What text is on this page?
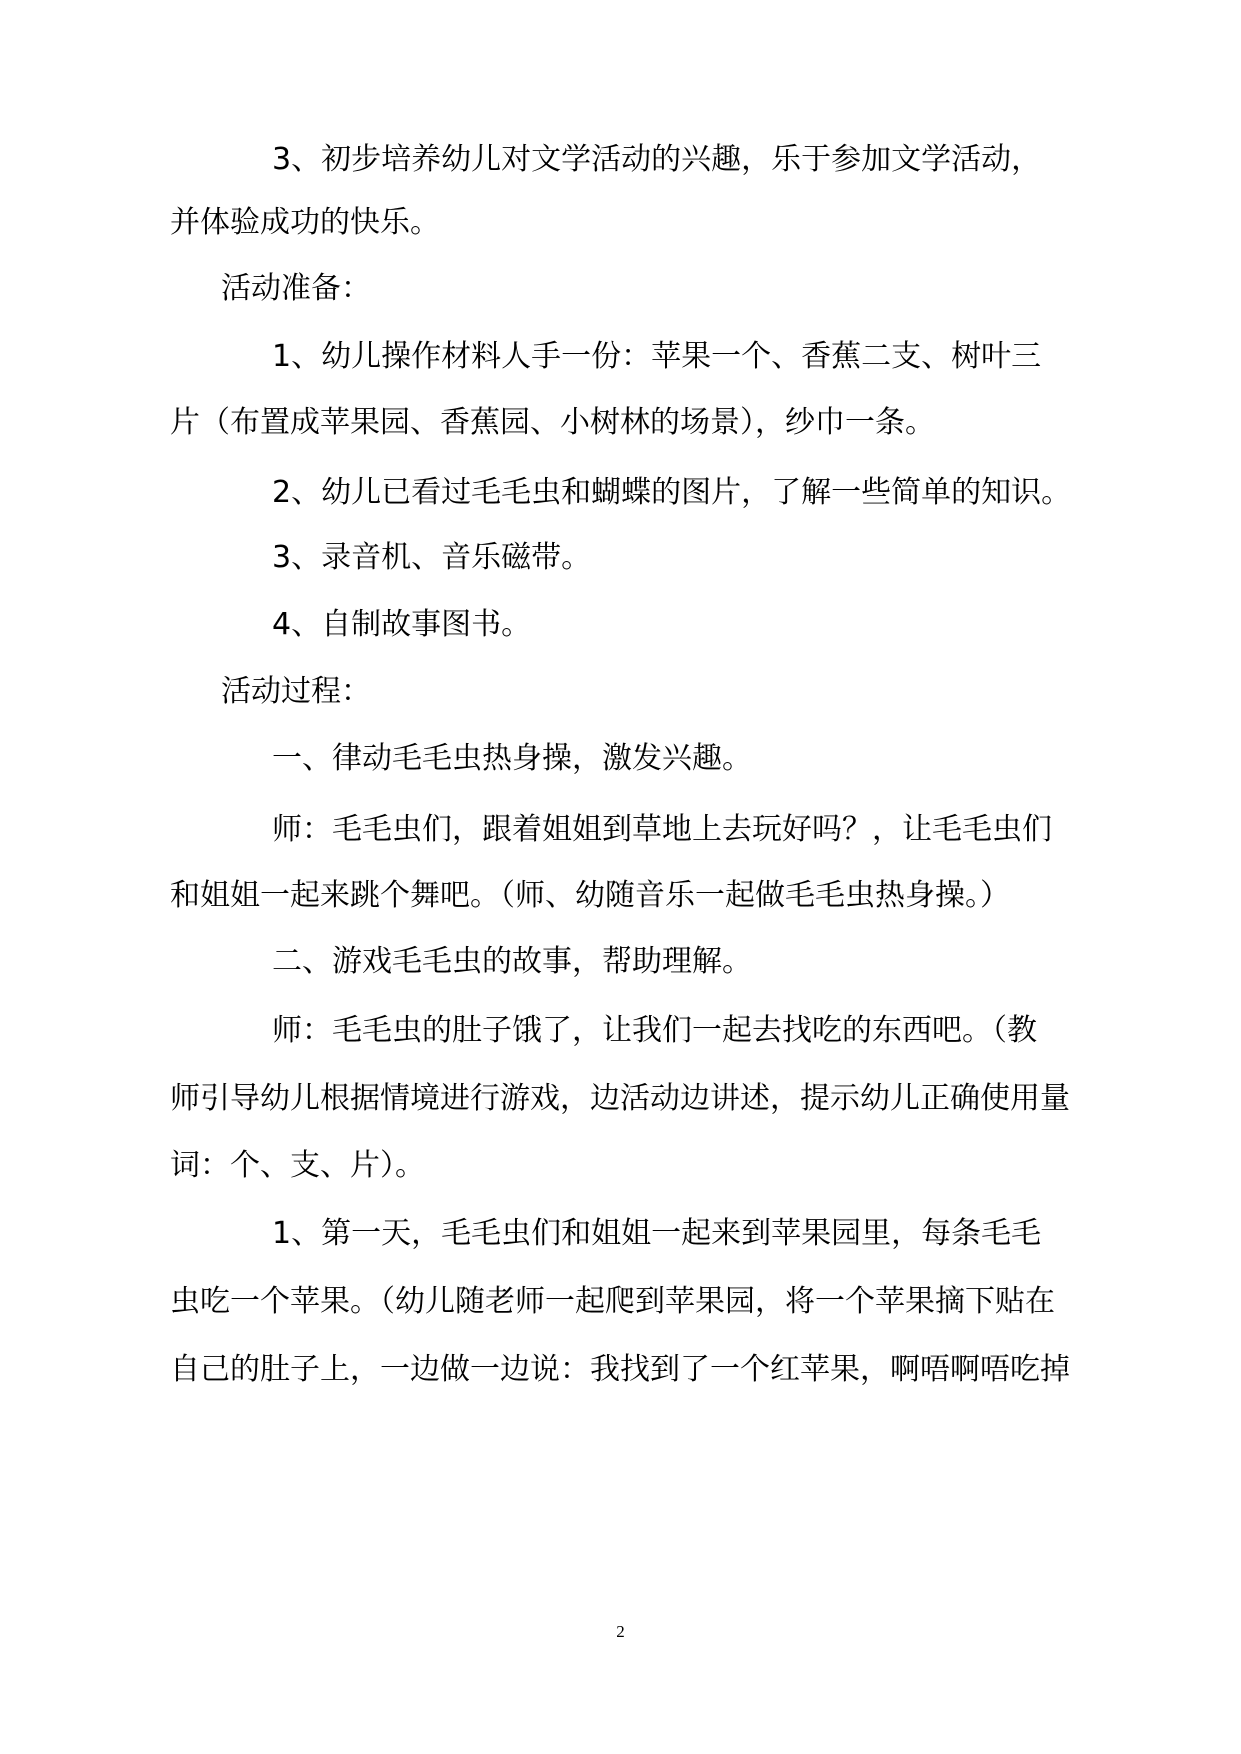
3、初步培养幼儿对文学活动的兴趣，乐于参加文学活动，
并体验成功的快乐。
活动准备：
1、幼儿操作材料人手一份：苹果一个、香蕉二支、树叶三
片（布置成苹果园、香蕉园、小树林的场景），纱巾一条。
2、幼儿已看过毛毛虫和蝴蝶的图片，了解一些简单的知识。
3、录音机、音乐磁带。
4、自制故事图书。
活动过程：
一、律动毛毛虫热身操，激发兴趣。
师：毛毛虫们，跟着姐姐到草地上去玩好吗？，让毛毛虫们
和姐姐一起来跳个舞吧。（师、幼随音乐一起做毛毛虫热身操。）
二、游戏毛毛虫的故事，帮助理解。
师：毛毛虫的肚子饿了，让我们一起去找吃的东西吧。（教
师引导幼儿根据情境进行游戏，边活动边讲述，提示幼儿正确使用量
词：个、支、片）。
1、第一天，毛毛虫们和姐姐一起来到苹果园里，每条毛毛
虫吃一个苹果。（幼儿随老师一起爬到苹果园，将一个苹果摘下贴在
自己的肚子上，一边做一边说：我找到了一个红苹果，啊唔啊唔吃掉
2
